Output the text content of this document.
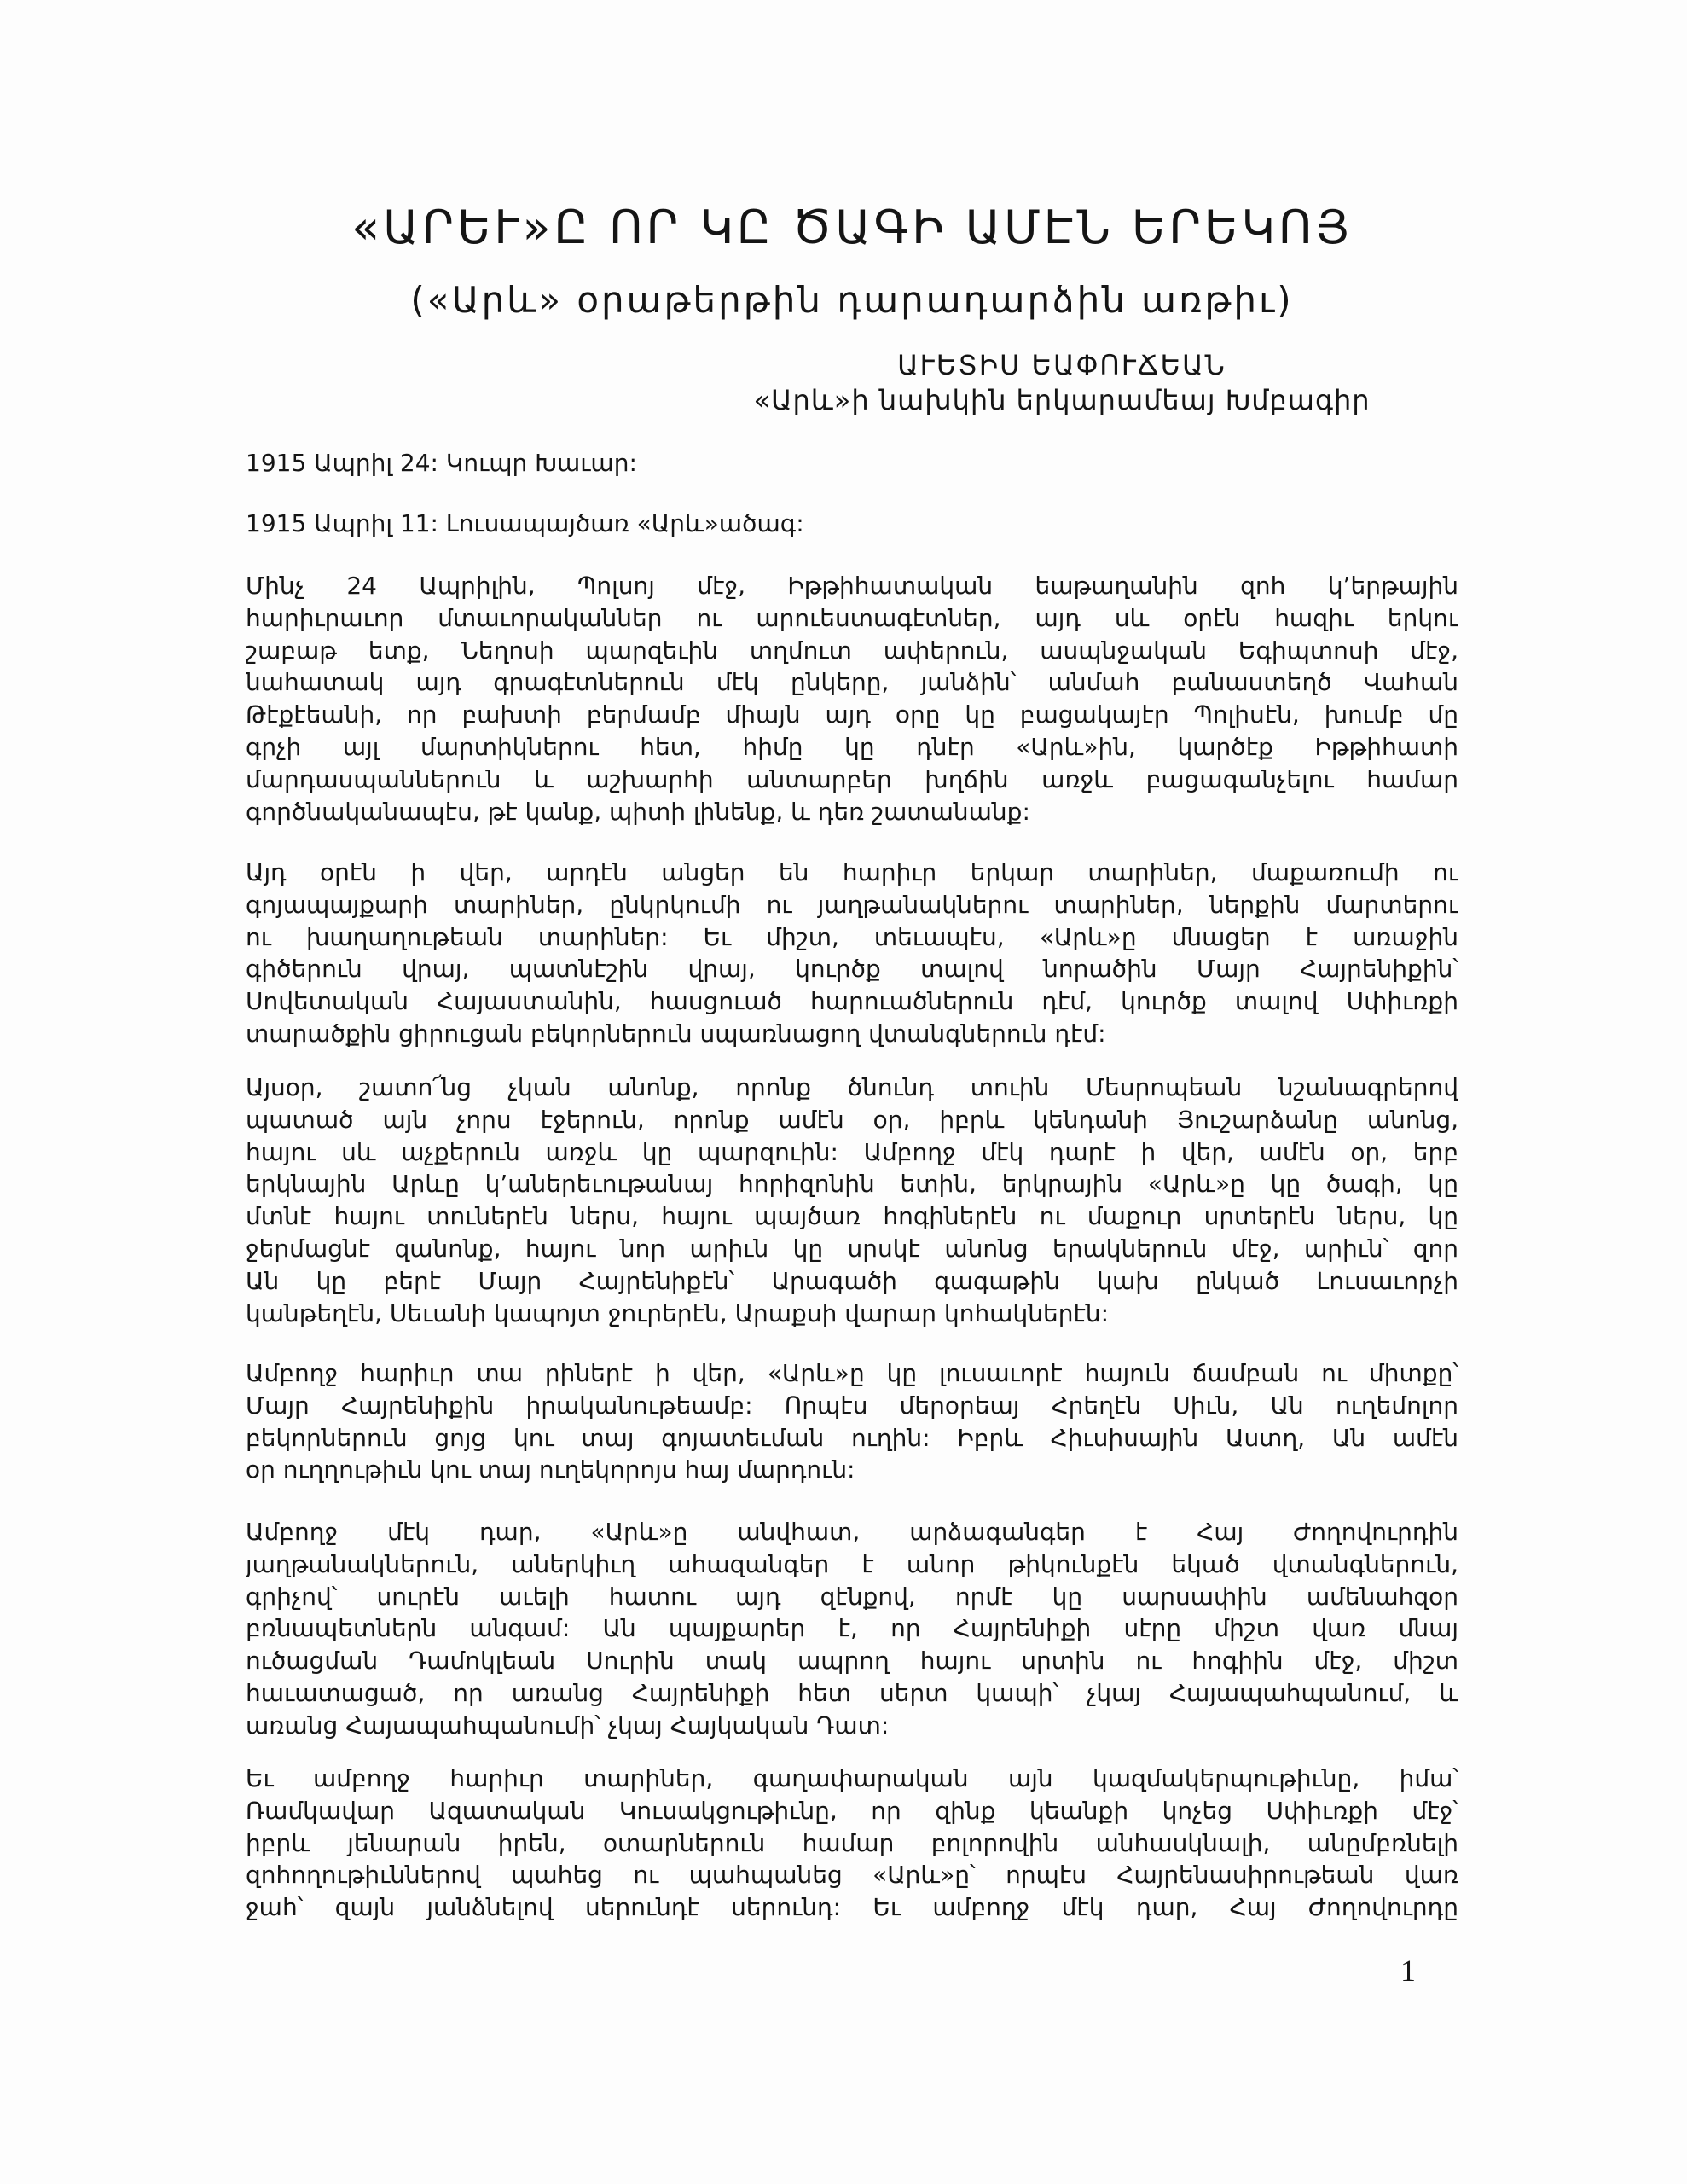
«ԱՐԵՒ»Ը ՈՐ ԿԸ ԾԱԳԻ ԱՄԷՆ ԵՐԵԿՈՅ
(«Արև» օրաթերթին դարադարձին առթիւ)
ԱՒԵՏԻՍ ԵԱՓՈՒՃԵԱՆ
«Արև»ի նախկին երկարամեայ Խմբագիր
1915 Ապրիլ 24: Կուպր Խաւար:
1915 Ապրիլ 11: Լուսապայծառ «Արև»ածագ:
Մինչ 24 Ապրիլին, Պոլսոյ մէջ, Իթթիհատական եաթաղանին զոհ կ’երթային
հարիւրաւոր մտաւորականներ ու արուեստագէտներ, այդ սև օրէն հազիւ երկու
շաբաթ ետք, Նեղոսի պարզեւին տղմուտ ափերուն, ասպնջական Եգիպտոսի մէջ,
նահատակ այդ գրագէտներուն մէկ ընկերը, յանձին՝ անմահ բանաստեղծ Վահան
Թէքէեանի, որ բախտի բերմամբ միայն այդ օրը կը բացակայէր Պոլիսէն, խումբ մը
գրչի այլ մարտիկներու հետ, հիմը կը դնէր «Արև»ին, կարծէք Իթթիհատի
մարդասպաններուն և աշխարհի անտարբեր խղճին առջև բացագանչելու համար
գործնականապէս, թէ կանք, պիտի լինենք, և դեռ շատանանք:
Այդ օրէն ի վեր, արդէն անցեր են հարիւր երկար տարիներ, մաքառումի ու
գոյապայքարի տարիներ, ընկրկումի ու յաղթանակներու տարիներ, ներքին մարտերու
ու խաղաղութեան տարիներ: Եւ միշտ, տեւապէս, «Արև»ը մնացեր է առաջին
գիծերուն վրայ, պատնէշին վրայ, կուրծք տալով նորածին Մայր Հայրենիքին՝
Սովետական Հայաստանին, հասցուած հարուածներուն դէմ, կուրծք տալով Սփիւռքի
տարածքին ցիրուցան բեկորներուն սպառնացող վտանգներուն դէմ:
Այսօր, շատո՜նց չկան անոնք, որոնք ծնունդ տուին Մեսրոպեան նշանագրերով
պատած այն չորս էջերուն, որոնք ամէն օր, իբրև կենդանի Յուշարձանը անոնց,
հայու սև աչքերուն առջև կը պարզուին: Ամբողջ մէկ դարէ ի վեր, ամէն օր, երբ
երկնային Արևը կ’աներեւութանայ հորիզոնին ետին, երկրային «Արև»ը կը ծագի, կը
մտնէ հայու տուներէն ներս, հայու պայծառ հոգիներէն ու մաքուր սրտերէն ներս, կը
ջերմացնէ զանոնք, հայու նոր արիւն կը սրսկէ անոնց երակներուն մէջ, արիւն՝ զոր
Ան կը բերէ Մայր Հայրենիքէն՝ Արագածի գագաթին կախ ընկած Լուսաւորչի
կանթեղէն, Սեւանի կապոյտ ջուրերէն, Արաքսի վարար կոհակներէն:
Ամբողջ հարիւր տա րիներէ ի վեր, «Արև»ը կը լուսաւորէ հայուն ճամբան ու միտքը՝
Մայր Հայրենիքին իրականութեամբ: Որպէս մերօրեայ Հրեղէն Սիւն, Ան ուղեմոլոր
բեկորներուն ցոյց կու տայ գոյատեւման ուղին: Իբրև Հիւսիսային Աստղ, Ան ամէն
օր ուղղութիւն կու տայ ուղեկորոյս հայ մարդուն:
Ամբողջ մէկ դար, «Արև»ը անվհատ, արձագանգեր է Հայ Ժողովուրդին
յաղթանակներուն, աներկիւղ ահազանգեր է անոր թիկունքէն եկած վտանգներուն,
գրիչով՝ սուրէն աւելի հատու այդ զէնքով, որմէ կը սարսափին ամենահզօր
բռնապետներն անգամ: Ան պայքարեր է, որ Հայրենիքի սէրը միշտ վառ մնայ
ուծացման Դամոկլեան Սուրին տակ ապրող հայու սրտին ու հոգիին մէջ, միշտ
հաւատացած, որ առանց Հայրենիքի հետ սերտ կապի՝ չկայ Հայապահպանում, և
առանց Հայապահպանումի՝ չկայ Հայկական Դատ:
Եւ ամբողջ հարիւր տարիներ, գաղափարական այն կազմակերպութիւնը, իմա՝
Ռամկավար Ազատական Կուսակցութիւնը, որ զինք կեանքի կոչեց Սփիւռքի մէջ՝
իբրև յենարան իրեն, օտարներուն համար բոլորովին անհասկնալի, անըմբռնելի
զոհողութիւններով պահեց ու պահպանեց «Արև»ը՝ որպէս Հայրենասիրութեան վառ
ջահ՝ զայն յանձնելով սերունդէ սերունդ: Եւ ամբողջ մէկ դար, Հայ Ժողովուրդը
1
